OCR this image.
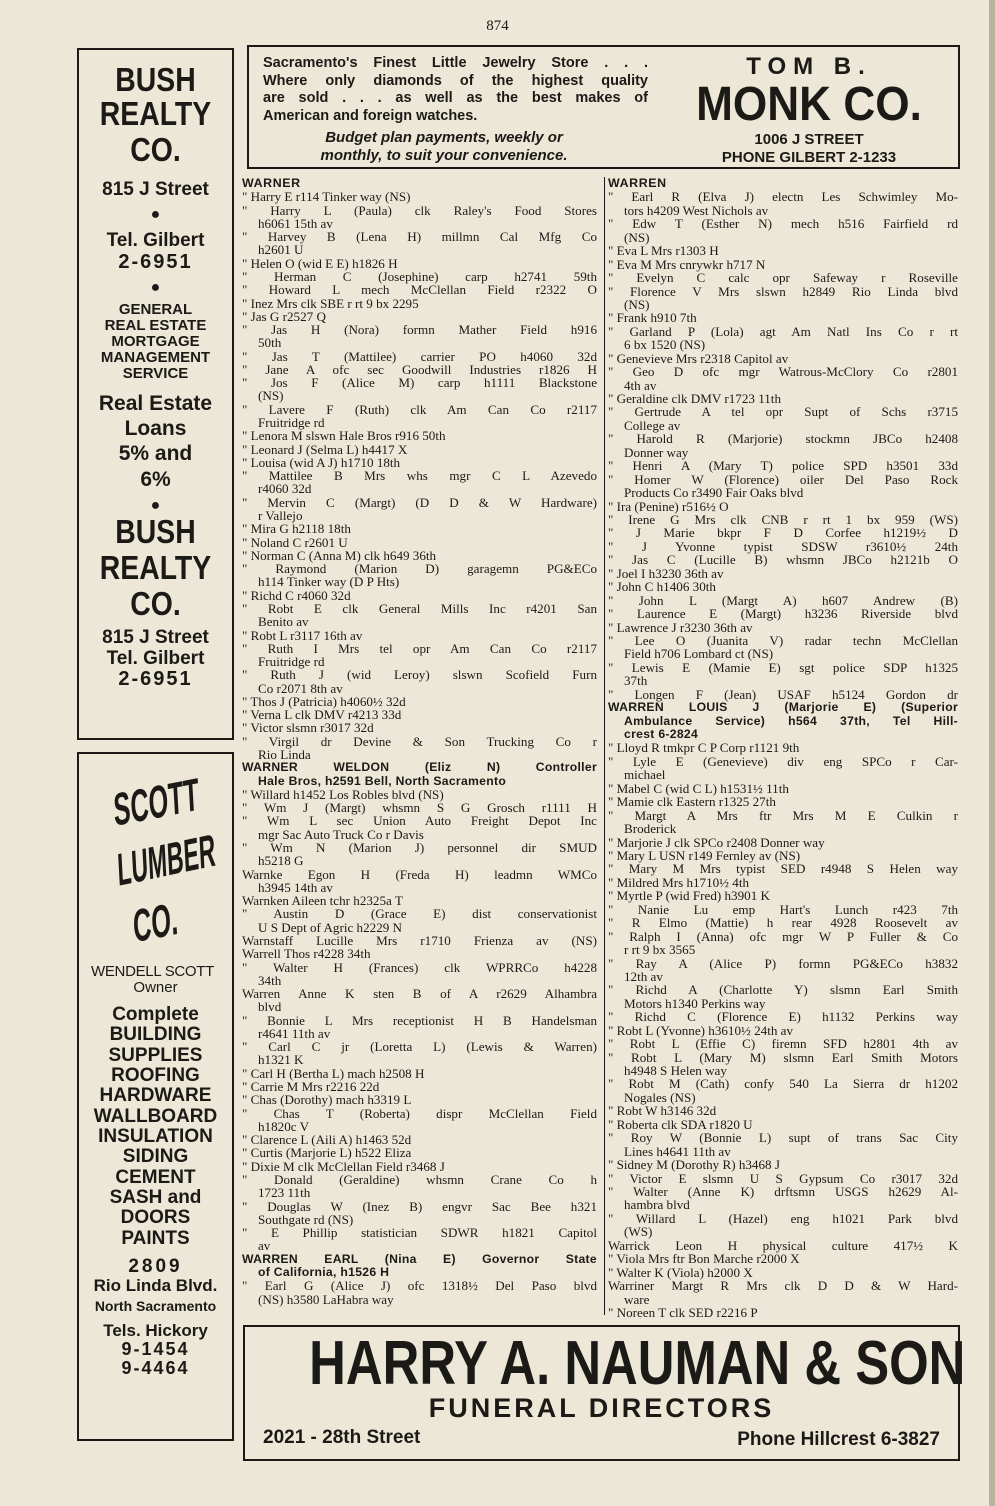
874
BUSH
REALTY
CO.
815 J Street
●
Tel. Gilbert
2-6951
●
GENERAL
REAL ESTATE
MORTGAGE
MANAGEMENT
SERVICE
Real Estate
Loans
5% and
6%
●
BUSH
REALTY
CO.
815 J Street
Tel. Gilbert
2-6951
SCOTT
LUMBER
CO.
WENDELL SCOTT
Owner
Complete
BUILDING
SUPPLIES
ROOFING
HARDWARE
WALLBOARD
INSULATION
SIDING
CEMENT
SASH and
DOORS
PAINTS
2809
Rio Linda Blvd.
North Sacramento
Tels. Hickory
9-1454
9-4464
Sacramento's Finest Little Jewelry Store . . .
Where only diamonds of the highest quality
are sold . . . as well as the best makes of
American and foreign watches.
Budget plan payments, weekly or
monthly, to suit your convenience.
TOM B.
MONK CO.
1006 J STREET
PHONE GILBERT 2-1233
WARNER
" Harry E r114 Tinker way (NS)
" Harry L (Paula) clk Raley's Food Stores
h6061 15th av
" Harvey B (Lena H) millmn Cal Mfg Co
h2601 U
" Helen O (wid E E) h1826 H
" Herman C (Josephine) carp h2741 59th
" Howard L mech McClellan Field r2322 O
" Inez Mrs clk SBE r rt 9 bx 2295
" Jas G r2527 Q
" Jas H (Nora) formn Mather Field h916
50th
" Jas T (Mattilee) carrier PO h4060 32d
" Jane A ofc sec Goodwill Industries r1826 H
" Jos F (Alice M) carp h1111 Blackstone
(NS)
" Lavere F (Ruth) clk Am Can Co r2117
Fruitridge rd
" Lenora M slswn Hale Bros r916 50th
" Leonard J (Selma L) h4417 X
" Louisa (wid A J) h1710 18th
" Mattilee B Mrs whs mgr C L Azevedo
r4060 32d
" Mervin C (Margt) (D D & W Hardware)
r Vallejo
" Mira G h2118 18th
" Noland C r2601 U
" Norman C (Anna M) clk h649 36th
" Raymond (Marion D) garagemn PG&ECo
h114 Tinker way (D P Hts)
" Richd C r4060 32d
" Robt E clk General Mills Inc r4201 San
Benito av
" Robt L r3117 16th av
" Ruth I Mrs tel opr Am Can Co r2117
Fruitridge rd
" Ruth J (wid Leroy) slswn Scofield Furn
Co r2071 8th av
" Thos J (Patricia) h4060½ 32d
" Verna L clk DMV r4213 33d
" Victor slsmn r3017 32d
" Virgil dr Devine & Son Trucking Co r
Rio Linda
WARNER WELDON (Eliz N) Controller
Hale Bros, h2591 Bell, North Sacramento
" Willard h1452 Los Robles blvd (NS)
" Wm J (Margt) whsmn S G Grosch r1111 H
" Wm L sec Union Auto Freight Depot Inc
mgr Sac Auto Truck Co r Davis
" Wm N (Marion J) personnel dir SMUD
h5218 G
Warnke Egon H (Freda H) leadmn WMCo
h3945 14th av
Warnken Aileen tchr h2325a T
" Austin D (Grace E) dist conservationist
U S Dept of Agric h2229 N
Warnstaff Lucille Mrs r1710 Frienza av (NS)
Warrell Thos r4228 34th
" Walter H (Frances) clk WPRRCo h4228
34th
Warren Anne K sten B of A r2629 Alhambra
blvd
" Bonnie L Mrs receptionist H B Handelsman
r4641 11th av
" Carl C jr (Loretta L) (Lewis & Warren)
h1321 K
" Carl H (Bertha L) mach h2508 H
" Carrie M Mrs r2216 22d
" Chas (Dorothy) mach h3319 L
" Chas T (Roberta) dispr McClellan Field
h1820c V
" Clarence L (Aili A) h1463 52d
" Curtis (Marjorie L) h522 Eliza
" Dixie M clk McClellan Field r3468 J
" Donald (Geraldine) whsmn Crane Co h
1723 11th
" Douglas W (Inez B) engvr Sac Bee h321
Southgate rd (NS)
" E Phillip statistician SDWR h1821 Capitol
av
WARREN EARL (Nina E) Governor State
of California, h1526 H
" Earl G (Alice J) ofc 1318½ Del Paso blvd
(NS) h3580 LaHabra way
WARREN
" Earl R (Elva J) electn Les Schwimley Mo-
tors h4209 West Nichols av
" Edw T (Esther N) mech h516 Fairfield rd
(NS)
" Eva L Mrs r1303 H
" Eva M Mrs cnrywkr h717 N
" Evelyn C calc opr Safeway r Roseville
" Florence V Mrs slswn h2849 Rio Linda blvd
(NS)
" Frank h910 7th
" Garland P (Lola) agt Am Natl Ins Co r rt
6 bx 1520 (NS)
" Genevieve Mrs r2318 Capitol av
" Geo D ofc mgr Watrous-McClory Co r2801
4th av
" Geraldine clk DMV r1723 11th
" Gertrude A tel opr Supt of Schs r3715
College av
" Harold R (Marjorie) stockmn JBCo h2408
Donner way
" Henri A (Mary T) police SPD h3501 33d
" Homer W (Florence) oiler Del Paso Rock
Products Co r3490 Fair Oaks blvd
" Ira (Penine) r516½ O
" Irene G Mrs clk CNB r rt 1 bx 959 (WS)
" J Marie bkpr F D Corfee h1219½ D
" J Yvonne typist SDSW r3610½ 24th
" Jas C (Lucille B) whsmn JBCo h2121b O
" Joel I h3230 36th av
" John C h1406 30th
" John L (Margt A) h607 Andrew (B)
" Laurence E (Margt) h3236 Riverside blvd
" Lawrence J r3230 36th av
" Lee O (Juanita V) radar techn McClellan
Field h706 Lombard ct (NS)
" Lewis E (Mamie E) sgt police SDP h1325
37th
" Longen F (Jean) USAF h5124 Gordon dr
WARREN LOUIS J (Marjorie E) (Superior
Ambulance Service) h564 37th, Tel Hill-
crest 6-2824
" Lloyd R tmkpr C P Corp r1121 9th
" Lyle E (Genevieve) div eng SPCo r Car-
michael
" Mabel C (wid C L) h1531½ 11th
" Mamie clk Eastern r1325 27th
" Margt A Mrs ftr Mrs M E Culkin r
Broderick
" Marjorie J clk SPCo r2408 Donner way
" Mary L USN r149 Fernley av (NS)
" Mary M Mrs typist SED r4948 S Helen way
" Mildred Mrs h1710½ 4th
" Myrtle P (wid Fred) h3901 K
" Nanie Lu emp Hart's Lunch r423 7th
" R Elmo (Mattie) h rear 4928 Roosevelt av
" Ralph I (Anna) ofc mgr W P Fuller & Co
r rt 9 bx 3565
" Ray A (Alice P) formn PG&ECo h3832
12th av
" Richd A (Charlotte Y) slsmn Earl Smith
Motors h1340 Perkins way
" Richd C (Florence E) h1132 Perkins way
" Robt L (Yvonne) h3610½ 24th av
" Robt L (Effie C) firemn SFD h2801 4th av
" Robt L (Mary M) slsmn Earl Smith Motors
h4948 S Helen way
" Robt M (Cath) confy 540 La Sierra dr h1202
Nogales (NS)
" Robt W h3146 32d
" Roberta clk SDA r1820 U
" Roy W (Bonnie L) supt of trans Sac City
Lines h4641 11th av
" Sidney M (Dorothy R) h3468 J
" Victor E slsmn U S Gypsum Co r3017 32d
" Walter (Anne K) drftsmn USGS h2629 Al-
hambra blvd
" Willard L (Hazel) eng h1021 Park blvd
(WS)
Warrick Leon H physical culture 417½ K
" Viola Mrs ftr Bon Marche r2000 X
" Walter K (Viola) h2000 X
Warriner Margt R Mrs clk D D & W Hard-
ware
" Noreen T clk SED r2216 P
HARRY A. NAUMAN & SON
FUNERAL DIRECTORS
2021 - 28th Street	Phone Hillcrest 6-3827
